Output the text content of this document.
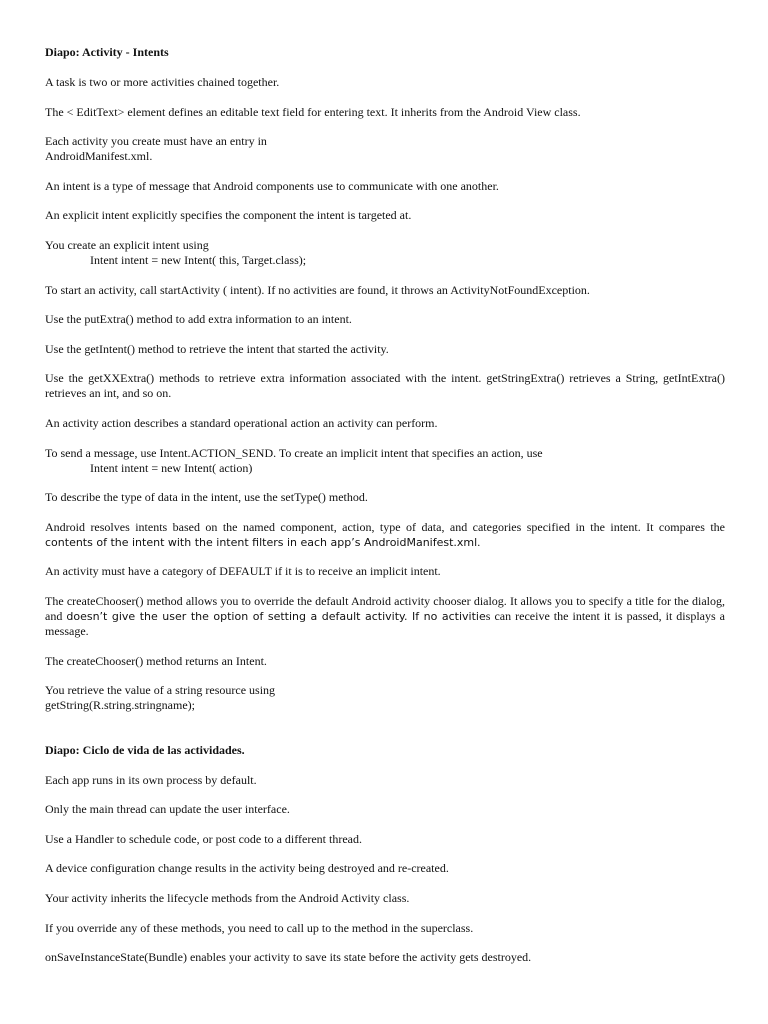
Diapo: Activity - Intents

A task is two or more activities chained together.

The < EditText> element defines an editable text field for entering text. It inherits from the Android View class.

Each activity you create must have an entry in
AndroidManifest.xml.

An intent is a type of message that Android components use to communicate with one another.

An explicit intent explicitly specifies the component the intent is targeted at.

You create an explicit intent using
Intent intent = new Intent( this, Target.class);

To start an activity, call startActivity ( intent). If no activities are found, it throws an ActivityNotFoundException.

Use the putExtra() method to add extra information to an intent.

Use the getIntent() method to retrieve the intent that started the activity.

Use the getXXExtra() methods to retrieve extra information associated with the intent. getStringExtra() retrieves a String, getIntExtra() retrieves an int, and so on.

An activity action describes a standard operational action an activity can perform.

To send a message, use Intent.ACTION_SEND. To create an implicit intent that specifies an action, use
Intent intent = new Intent( action)

To describe the type of data in the intent, use the setType() method.

Android resolves intents based on the named component, action, type of data, and categories specified in the intent. It compares the contents of the intent with the intent filters in each app’s AndroidManifest.xml.

An activity must have a category of DEFAULT if it is to receive an implicit intent.

The createChooser() method allows you to override the default Android activity chooser dialog. It allows you to specify a title for the dialog, and doesn’t give the user the option of setting a default activity. If no activities can receive the intent it is passed, it displays a message.

The createChooser() method returns an Intent.

You retrieve the value of a string resource using
getString(R.string.stringname);

Diapo: Ciclo de vida de las actividades.

Each app runs in its own process by default.

Only the main thread can update the user interface.

Use a Handler to schedule code, or post code to a different thread.

A device configuration change results in the activity being destroyed and re-created.

Your activity inherits the lifecycle methods from the Android Activity class.

If you override any of these methods, you need to call up to the method in the superclass.

onSaveInstanceState(Bundle) enables your activity to save its state before the activity gets destroyed.
